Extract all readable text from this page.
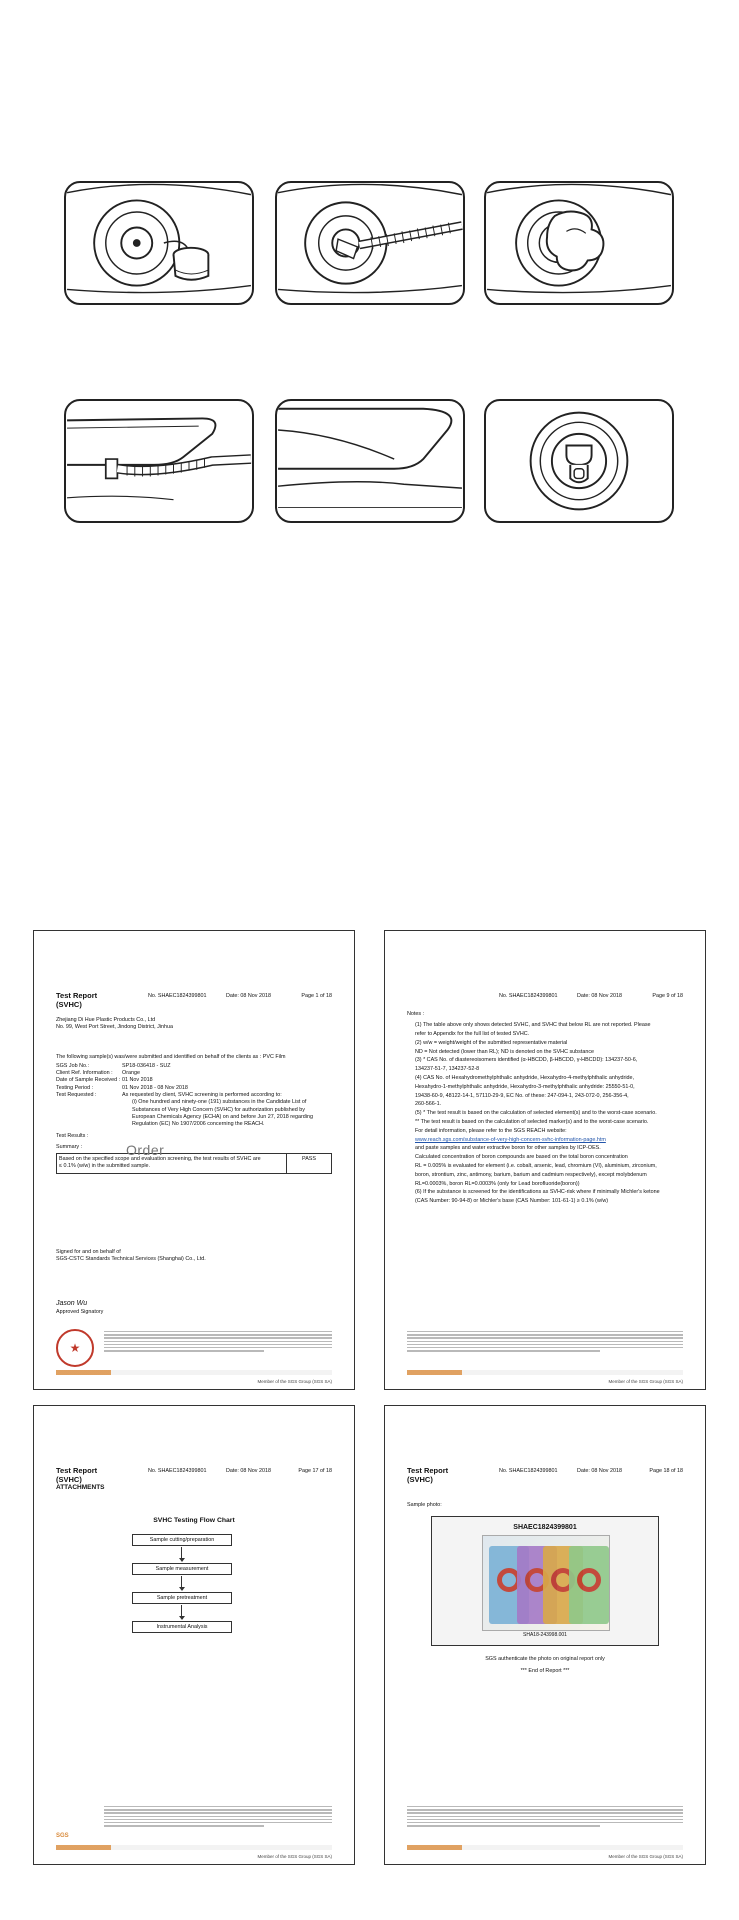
Test Report
(SVHC)
No. SHAEC1824399801	Date: 08 Nov 2018	Page 1 of 18
Zhejiang Di Hue Plastic Products Co., Ltd
No. 99, West Port Street, Jindong District, Jinhua
The following sample(s) was/were submitted and identified on behalf of the clients as : PVC Film
SGS Job No.:	SP18-036418 - SUZ
Client Ref. Information :	Orange
Date of Sample Received : 01 Nov 2018
Testing Period :	01 Nov 2018 - 08 Nov 2018
Test Requested :	As requested by client, SVHC screening is performed according to:
(i) One hundred and ninety-one (191) substances in the Candidate List of
Substances of Very High Concern (SVHC) for authorization published by
European Chemicals Agency (ECHA) on and before Jun 27, 2018 regarding
Regulation (EC) No 1907/2006 concerning the REACH.
Test Results :
Summary :
Based on the specified scope and evaluation screening, the test results of SVHC are
≤ 0.1% (w/w) in the submitted sample.
PASS
Signed for and on behalf of
SGS-CSTC Standards Technical Services (Shanghai) Co., Ltd.
Jason Wu
Approved Signatory
★
Member of the SGS Group (SGS SA)
Order
No. SHAEC1824399801	Date: 08 Nov 2018	Page 9 of 18
Notes :
(1) The table above only shows detected SVHC, and SVHC that below RL are not reported. Please
refer to Appendix for the full list of tested SVHC.
(2) w/w = weight/weight of the submitted representative material
ND = Not detected (lower than RL); ND is denoted on the SVHC substance
(3) * CAS No. of diastereoisomers identified (α-HBCDD, β-HBCDD, γ-HBCDD): 134237-50-6,
134237-51-7, 134237-52-8
(4) CAS No. of Hexahydromethylphthalic anhydride, Hexahydro-4-methylphthalic anhydride,
Hexahydro-1-methylphthalic anhydride, Hexahydro-3-methylphthalic anhydride: 25550-51-0,
19438-60-9, 48122-14-1, 57110-29-9, EC No. of these: 247-094-1, 243-072-0, 256-356-4,
260-566-1.
(5) * The test result is based on the calculation of selected element(s) and to the worst-case scenario.
** The test result is based on the calculation of selected marker(s) and to the worst-case scenario.
For detail information, please refer to the SGS REACH website:
www.reach.sgs.com/substance-of-very-high-concern-svhc-information-page.htm
and paste samples and water extractive boron for other samples by ICP-OES.
Calculated concentration of boron compounds are based on the total boron concentration
RL = 0.005% is evaluated for element (i.e. cobalt, arsenic, lead, chromium (VI), aluminium, zirconium,
boron, strontium, zinc, antimony, barium, barium and cadmium respectively), except molybdenum
RL=0.0003%, boron RL=0.0003% (only for Lead borofluoride(boron))
(6) If the substance is screened for the identifications as SVHC-risk where if minimally Michler's ketone
(CAS Number: 90-94-8) or Michler's base (CAS Number: 101-61-1) ≥ 0.1% (w/w)
Member of the SGS Group (SGS SA)
Test Report
(SVHC)
ATTACHMENTS
No. SHAEC1824399801	Date: 08 Nov 2018	Page 17 of 18
SVHC Testing Flow Chart
Sample cutting/preparation
Sample measurement
Sample pretreatment
Instrumental Analysis
SGS
Member of the SGS Group (SGS SA)
Test Report
(SVHC)
No. SHAEC1824399801	Date: 08 Nov 2018	Page 18 of 18
Sample photo:
SHAEC1824399801
SHA18-243998.001
SGS authenticate the photo on original report only
*** End of Report ***
Member of the SGS Group (SGS SA)
